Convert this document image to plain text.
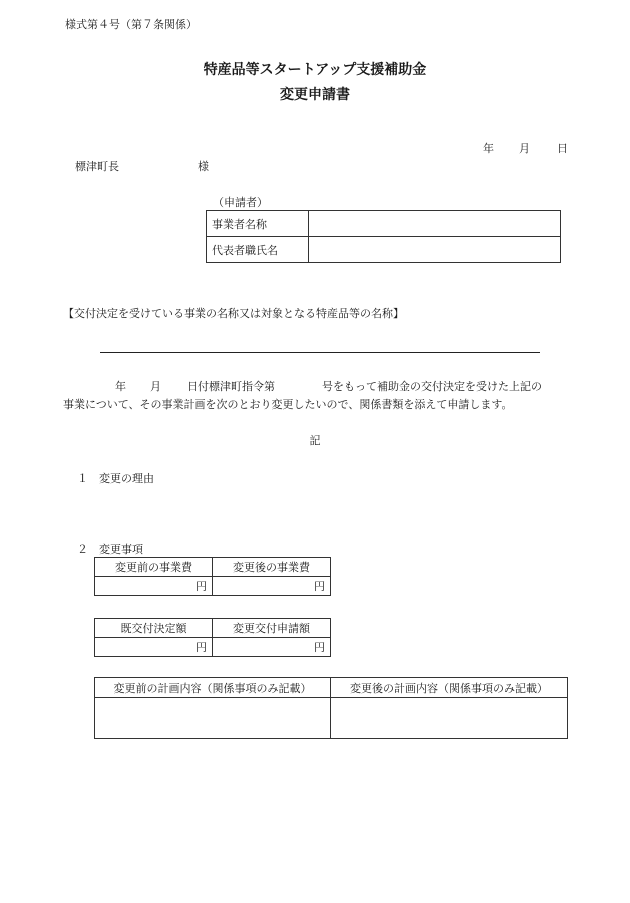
様式第４号（第７条関係）
特産品等スタートアップ支援補助金
変更申請書
年 月 日
標津町長	様
（申請者）
事業者名称	
代表者職氏名	
【交付決定を受けている事業の名称又は対象となる特産品等の名称】
年 月 日付標津町指令第	号をもって補助金の交付決定を受けた上記の
事業について、その事業計画を次のとおり変更したいので、関係書類を添えて申請します。
記
１ 変更の理由
２ 変更事項
変更前の事業費	変更後の事業費
円	円
既交付決定額	変更交付申請額
円	円
変更前の計画内容（関係事項のみ記載）	変更後の計画内容（関係事項のみ記載）
